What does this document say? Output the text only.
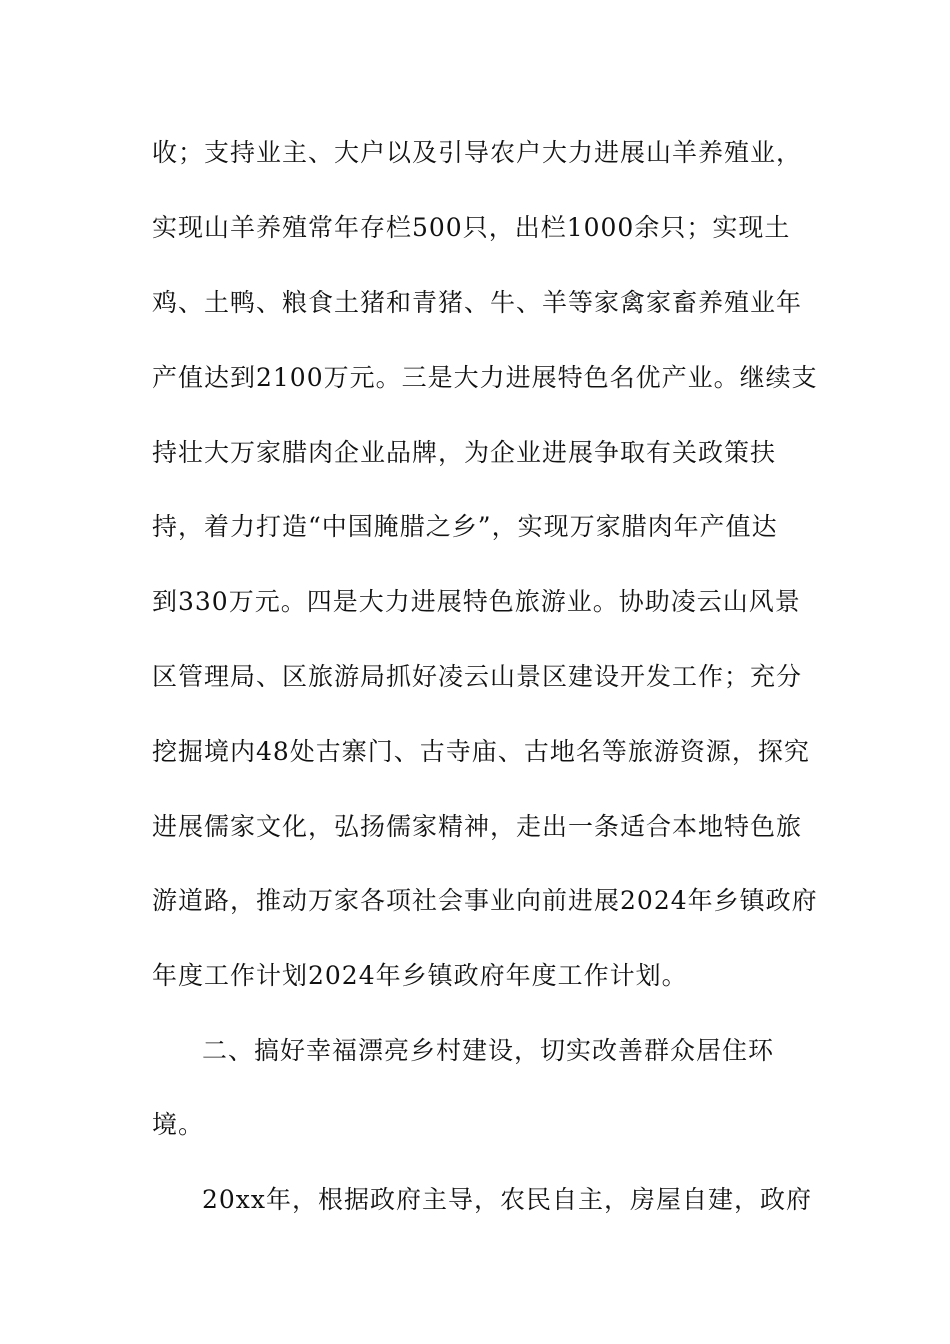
收；支持业主、大户以及引导农户大力进展山羊养殖业，

实现山羊养殖常年存栏500只，出栏1000余只；实现土

鸡、土鸭、粮食土猪和青猪、牛、羊等家禽家畜养殖业年

产值达到2100万元。三是大力进展特色名优产业。继续支

持壮大万家腊肉企业品牌，为企业进展争取有关政策扶

持，着力打造“中国腌腊之乡”，实现万家腊肉年产值达

到330万元。四是大力进展特色旅游业。协助凌云山风景

区管理局、区旅游局抓好凌云山景区建设开发工作；充分

挖掘境内48处古寨门、古寺庙、古地名等旅游资源，探究

进展儒家文化，弘扬儒家精神，走出一条适合本地特色旅

游道路，推动万家各项社会事业向前进展2024年乡镇政府

年度工作计划2024年乡镇政府年度工作计划。

二、搞好幸福漂亮乡村建设，切实改善群众居住环

境。

20xx年，根据政府主导，农民自主，房屋自建，政府
